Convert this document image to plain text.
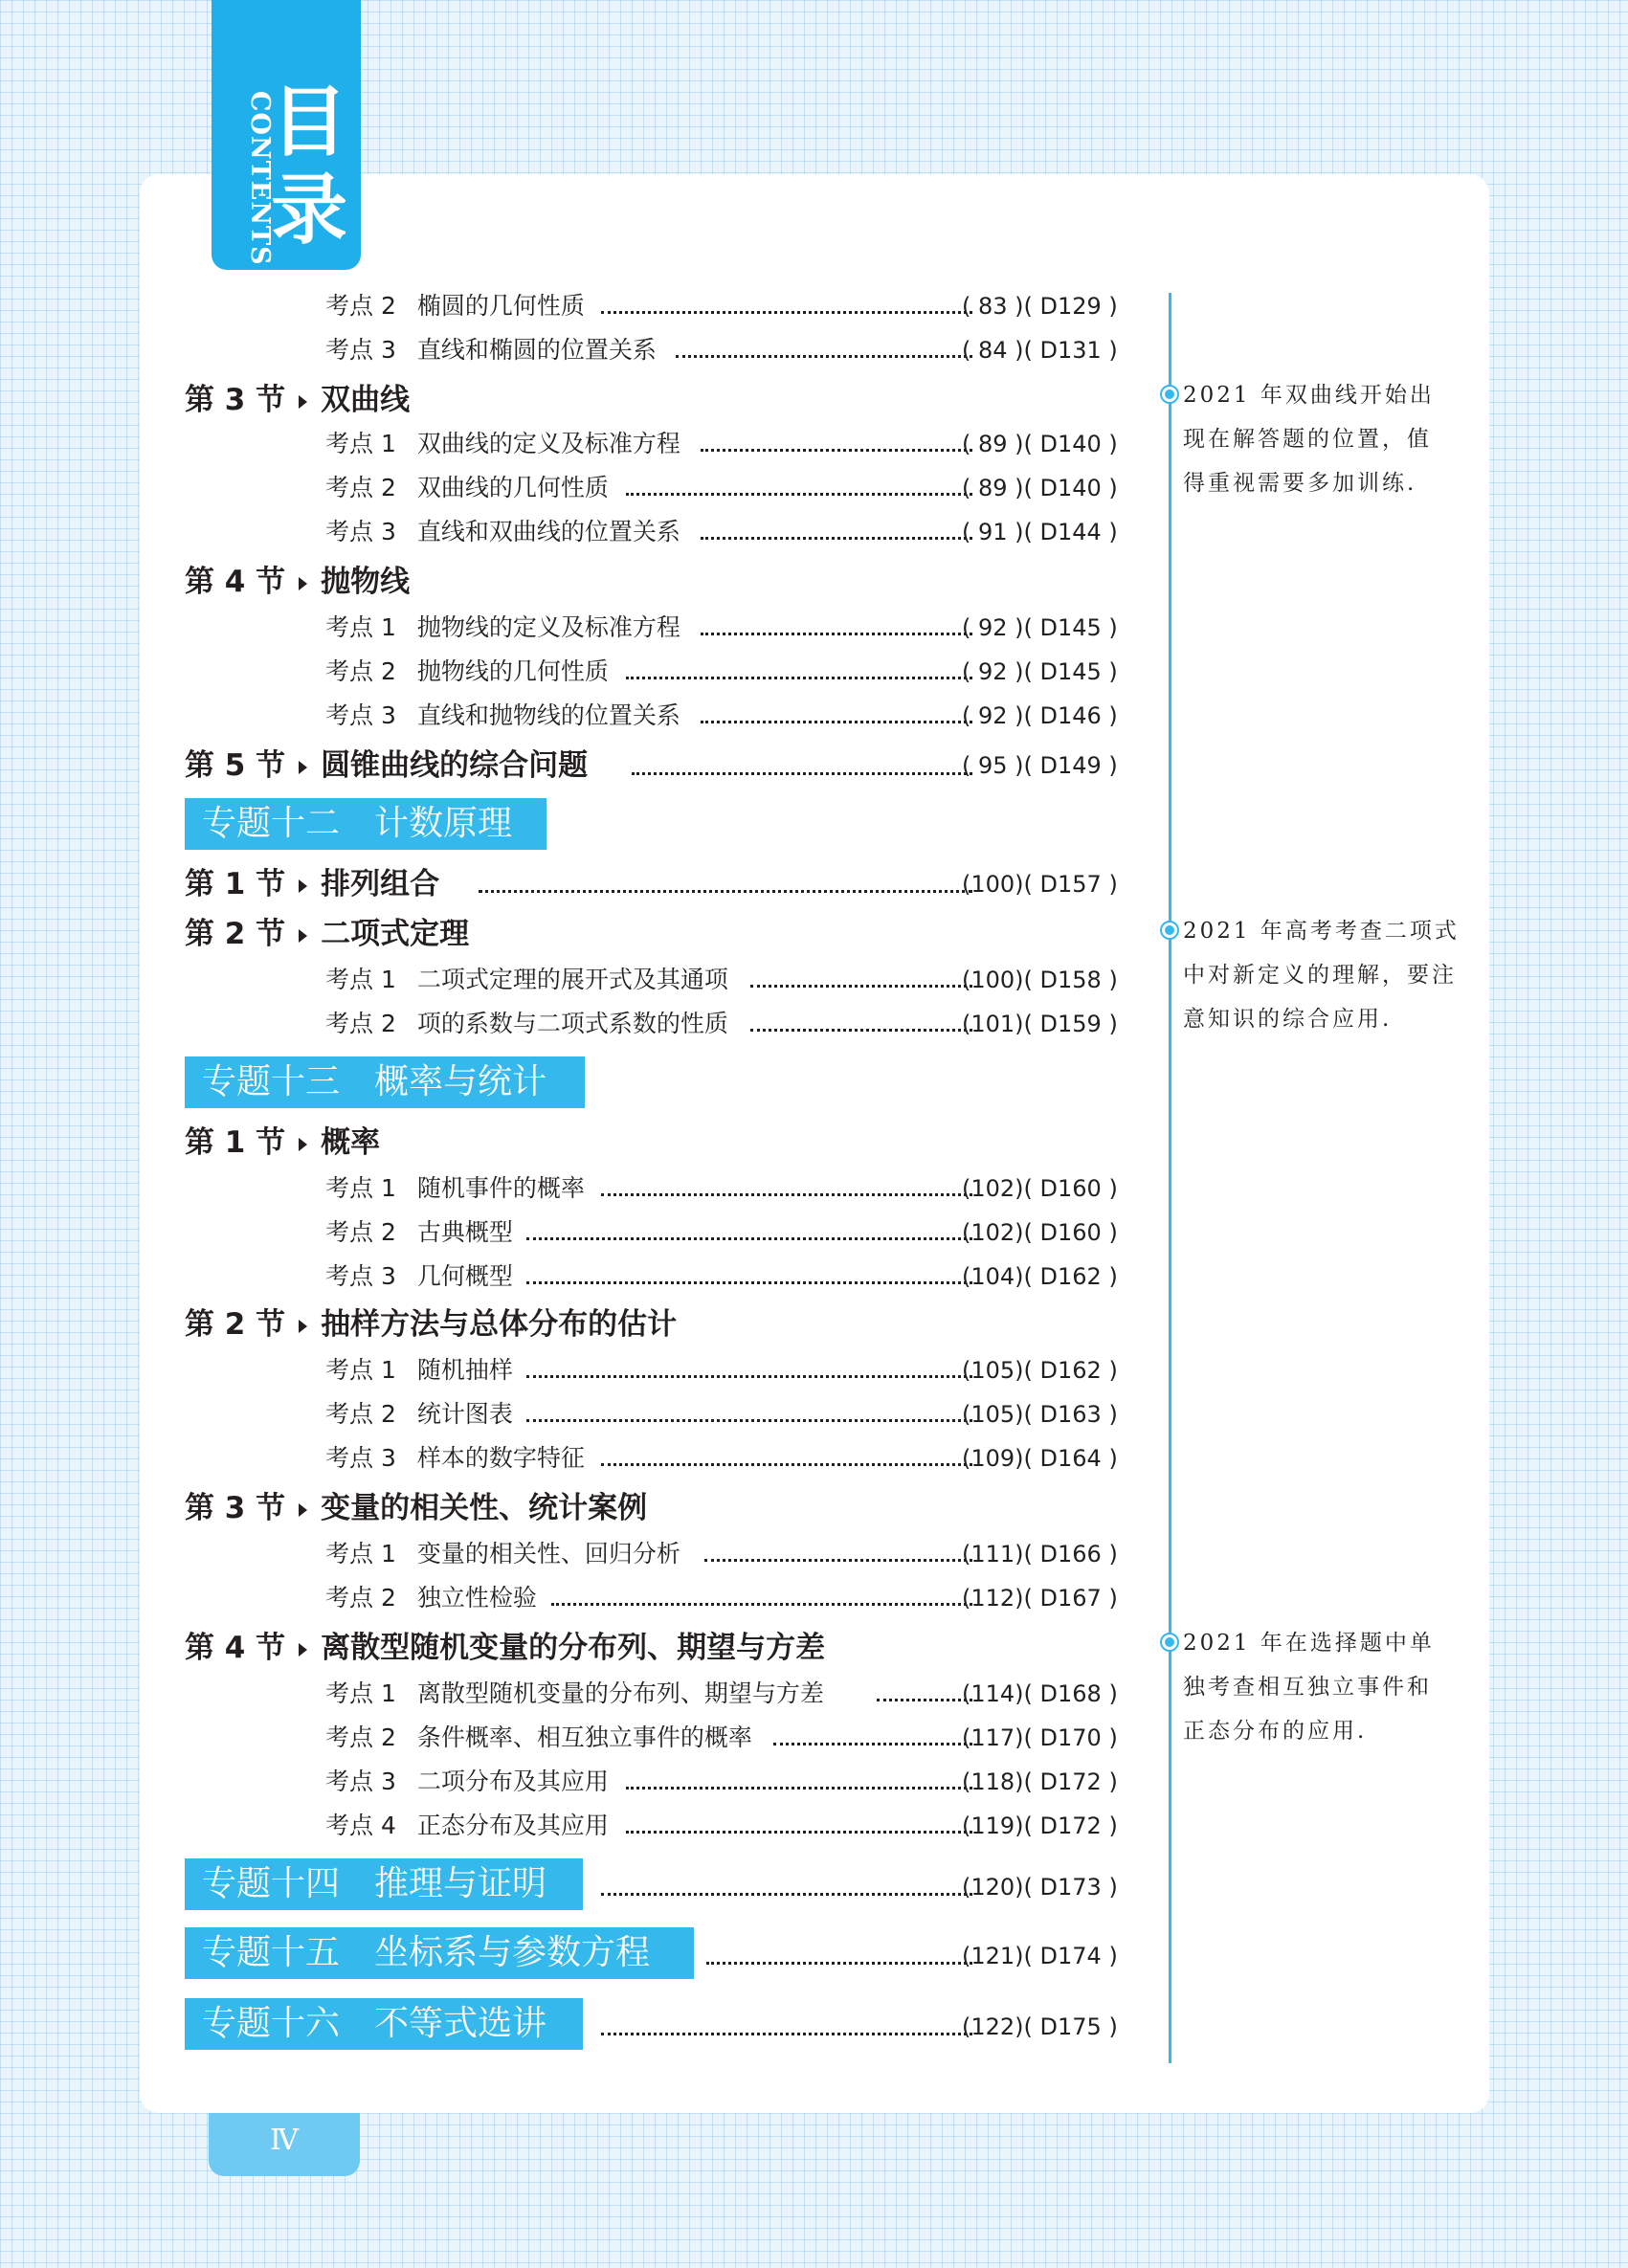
目录
CONTENTS
考点 2 椭圆的几何性质	( 83 )( D129 )
考点 3 直线和椭圆的位置关系	( 84 )( D131 )
第 3 节 双曲线
考点 1 双曲线的定义及标准方程	( 89 )( D140 )
考点 2 双曲线的几何性质	( 89 )( D140 )
考点 3 直线和双曲线的位置关系	( 91 )( D144 )
第 4 节 抛物线
考点 1 抛物线的定义及标准方程	( 92 )( D145 )
考点 2 抛物线的几何性质	( 92 )( D145 )
考点 3 直线和抛物线的位置关系	( 92 )( D146 )
第 5 节 圆锥曲线的综合问题	( 95 )( D149 )
专题十二 计数原理
第 1 节 排列组合	(100)( D157 )
第 2 节 二项式定理
考点 1 二项式定理的展开式及其通项	(100)( D158 )
考点 2 项的系数与二项式系数的性质	(101)( D159 )
专题十三 概率与统计
第 1 节 概率
考点 1 随机事件的概率	(102)( D160 )
考点 2 古典概型	(102)( D160 )
考点 3 几何概型	(104)( D162 )
第 2 节 抽样方法与总体分布的估计
考点 1 随机抽样	(105)( D162 )
考点 2 统计图表	(105)( D163 )
考点 3 样本的数字特征	(109)( D164 )
第 3 节 变量的相关性、统计案例
考点 1 变量的相关性、回归分析	(111)( D166 )
考点 2 独立性检验	(112)( D167 )
第 4 节 离散型随机变量的分布列、期望与方差
考点 1 离散型随机变量的分布列、期望与方差	(114)( D168 )
考点 2 条件概率、相互独立事件的概率	(117)( D170 )
考点 3 二项分布及其应用	(118)( D172 )
考点 4 正态分布及其应用	(119)( D172 )
专题十四 推理与证明	(120)( D173 )
专题十五 坐标系与参数方程	(121)( D174 )
专题十六 不等式选讲	(122)( D175 )
2021 年双曲线开始出
现在解答题的位置，值
得重视需要多加训练.
2021 年高考考查二项式
中对新定义的理解，要注
意知识的综合应用.
2021 年在选择题中单
独考查相互独立事件和
正态分布的应用.
Ⅳ
